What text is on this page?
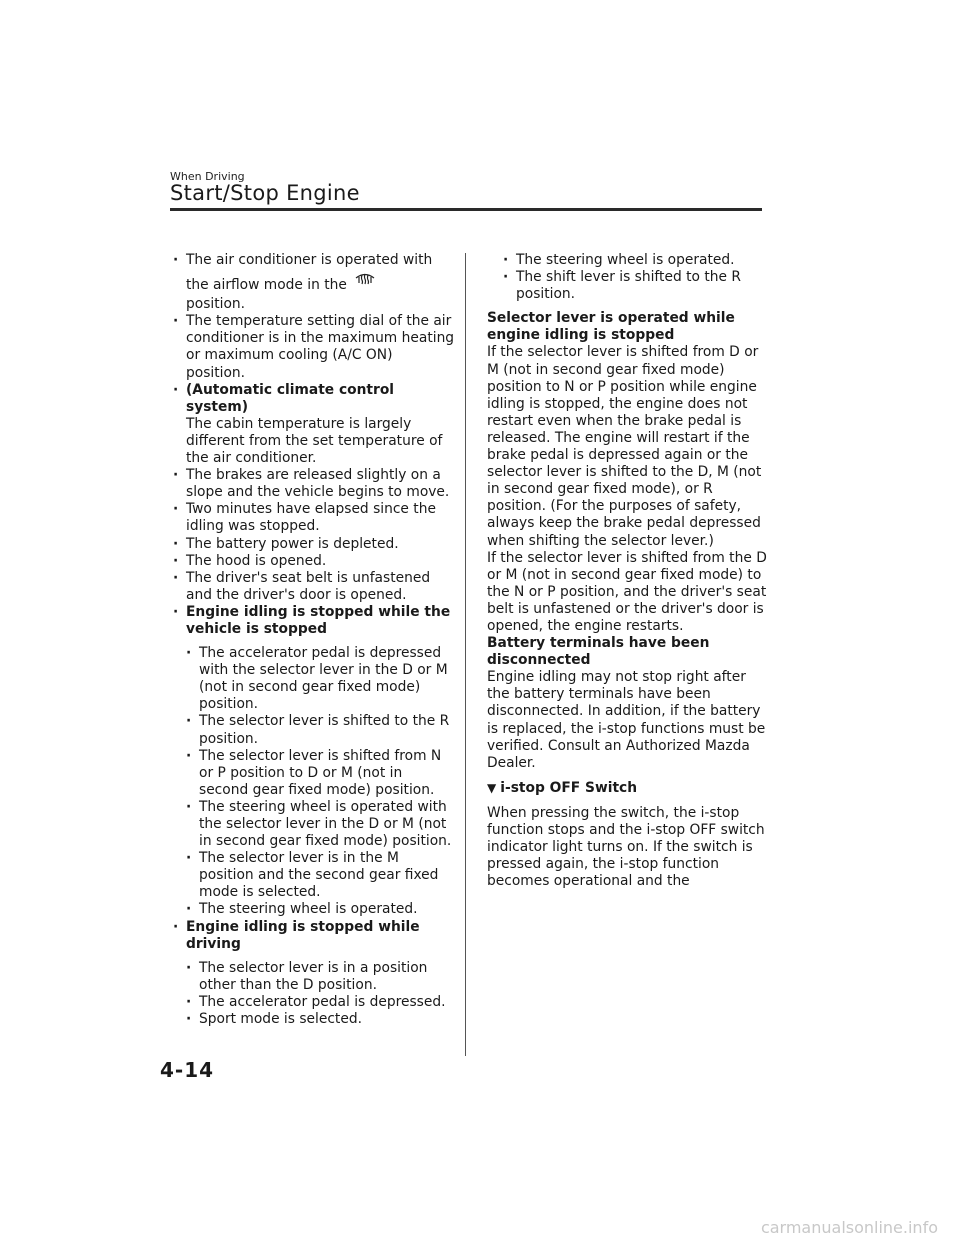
When Driving
Start/Stop Engine
· The air conditioner is operated with
the airflow mode in the
position.
· The temperature setting dial of the air conditioner is in the maximum heating or maximum cooling (A/C ON) position.
· (Automatic climate control system)
The cabin temperature is largely different from the set temperature of the air conditioner.
· The brakes are released slightly on a slope and the vehicle begins to move.
· Two minutes have elapsed since the idling was stopped.
· The battery power is depleted.
· The hood is opened.
· The driver's seat belt is unfastened and the driver's door is opened.
· Engine idling is stopped while the vehicle is stopped
· The accelerator pedal is depressed with the selector lever in the D or M (not in second gear fixed mode) position.
· The selector lever is shifted to the R position.
· The selector lever is shifted from N or P position to D or M (not in second gear fixed mode) position.
· The steering wheel is operated with the selector lever in the D or M (not in second gear fixed mode) position.
· The selector lever is in the M position and the second gear fixed mode is selected.
· The steering wheel is operated.
· Engine idling is stopped while driving
· The selector lever is in a position other than the D position.
· The accelerator pedal is depressed.
· Sport mode is selected.
· The steering wheel is operated.
· The shift lever is shifted to the R position.
Selector lever is operated while engine idling is stopped

If the selector lever is shifted from D or M (not in second gear fixed mode) position to N or P position while engine idling is stopped, the engine does not restart even when the brake pedal is released. The engine will restart if the brake pedal is depressed again or the selector lever is shifted to the D, M (not in second gear fixed mode), or R position. (For the purposes of safety, always keep the brake pedal depressed when shifting the selector lever.)

If the selector lever is shifted from the D or M (not in second gear fixed mode) to the N or P position, and the driver's seat belt is unfastened or the driver's door is opened, the engine restarts.

Battery terminals have been disconnected

Engine idling may not stop right after the battery terminals have been disconnected. In addition, if the battery is replaced, the i-stop functions must be verified. Consult an Authorized Mazda Dealer.

▼ i-stop OFF Switch

When pressing the switch, the i-stop function stops and the i-stop OFF switch indicator light turns on. If the switch is pressed again, the i-stop function becomes operational and the

4-14
carmanualsonline.info
